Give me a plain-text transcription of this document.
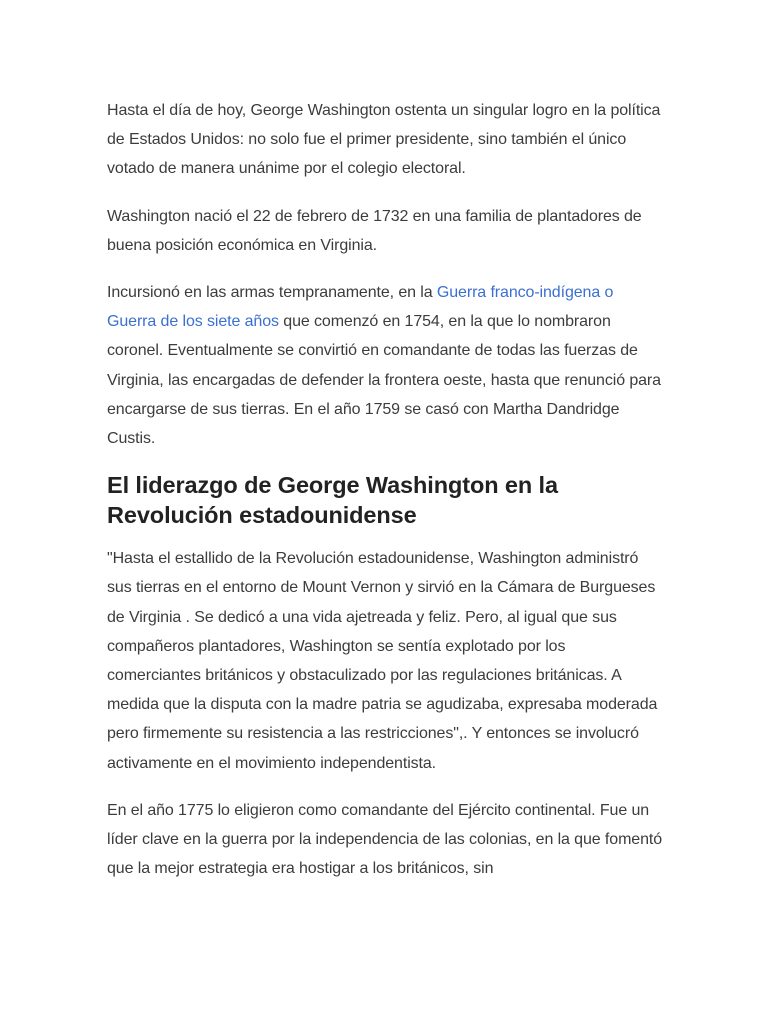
Hasta el día de hoy, George Washington ostenta un singular logro en la política de Estados Unidos: no solo fue el primer presidente, sino también el único votado de manera unánime por el colegio electoral.

Washington nació el 22 de febrero de 1732 en una familia de plantadores de buena posición económica en Virginia.

Incursionó en las armas tempranamente, en la Guerra franco-indígena o Guerra de los siete años que comenzó en 1754, en la que lo nombraron coronel. Eventualmente se convirtió en comandante de todas las fuerzas de Virginia, las encargadas de defender la frontera oeste, hasta que renunció para encargarse de sus tierras. En el año 1759 se casó con Martha Dandridge Custis.

El liderazgo de George Washington en la Revolución estadounidense

"Hasta el estallido de la Revolución estadounidense, Washington administró sus tierras en el entorno de Mount Vernon y sirvió en la Cámara de Burgueses de Virginia . Se dedicó a una vida ajetreada y feliz. Pero, al igual que sus compañeros plantadores, Washington se sentía explotado por los comerciantes británicos y obstaculizado por las regulaciones británicas. A medida que la disputa con la madre patria se agudizaba, expresaba moderada pero firmemente su resistencia a las restricciones",. Y entonces se involucró activamente en el movimiento independentista.

En el año 1775 lo eligieron como comandante del Ejército continental. Fue un líder clave en la guerra por la independencia de las colonias, en la que fomentó que la mejor estrategia era hostigar a los británicos, sin
